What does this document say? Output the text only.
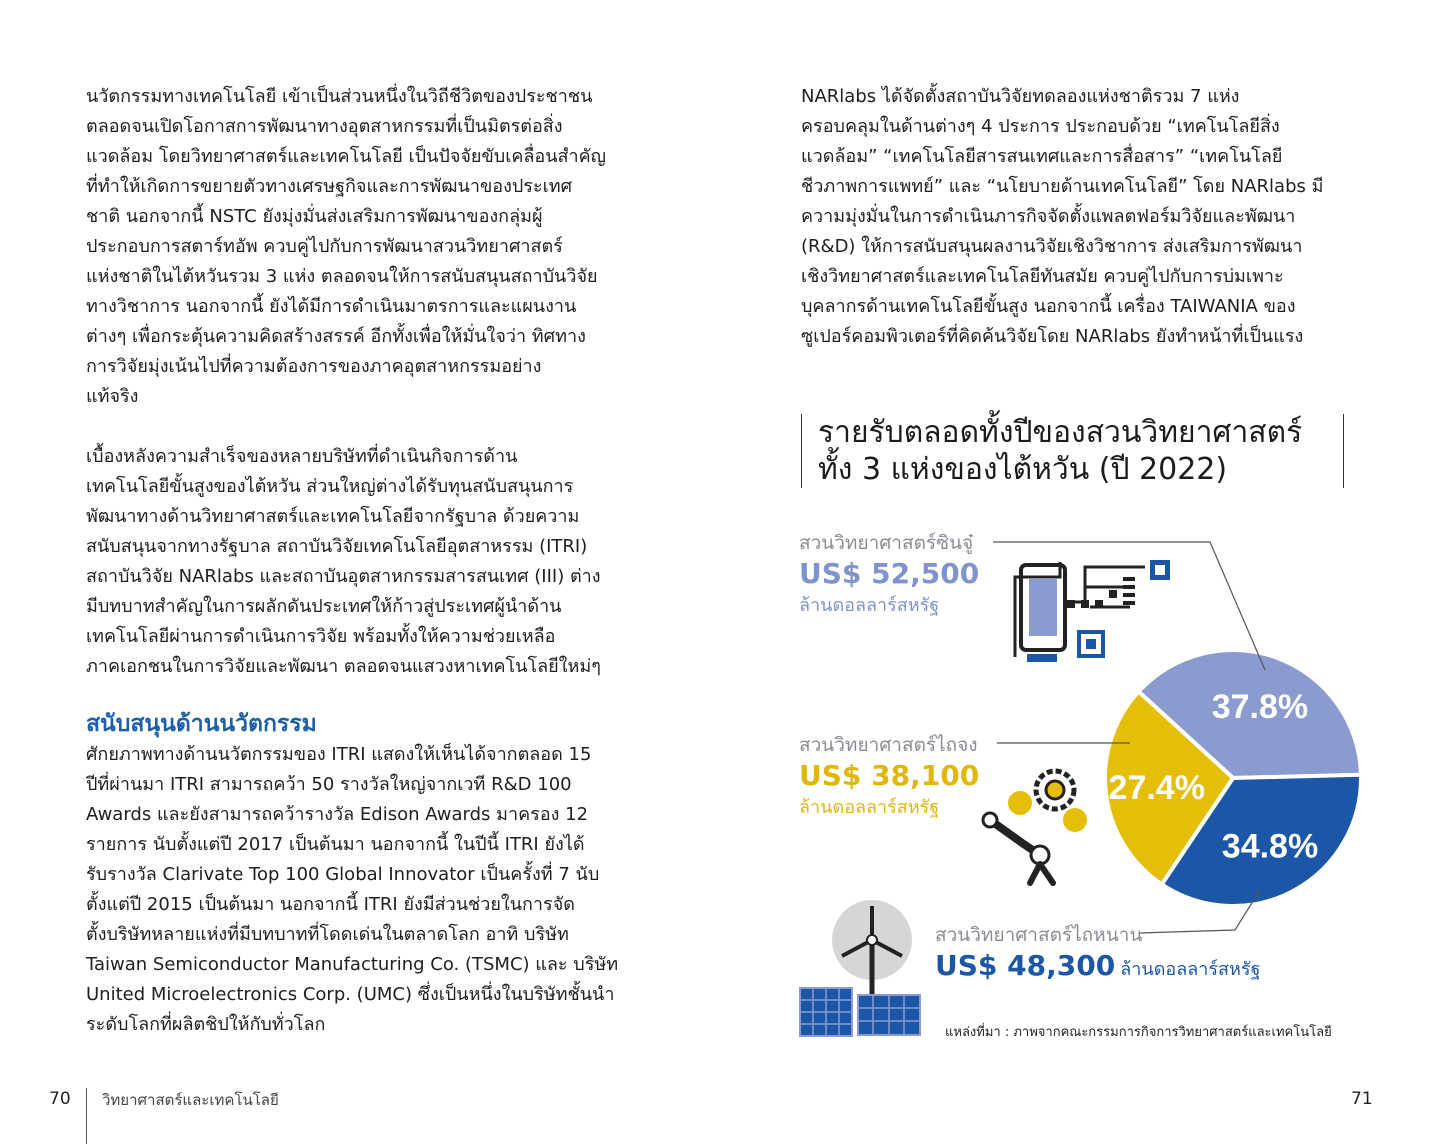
นวัตกรรมทางเทคโนโลยี เข้าเป็นส่วนหนึ่งในวิถีชีวิตของประชาชน
ตลอดจนเปิดโอกาสการพัฒนาทางอุตสาหกรรมที่เป็นมิตรต่อสิ่ง
แวดล้อม โดยวิทยาศาสตร์และเทคโนโลยี เป็นปัจจัยขับเคลื่อนสำคัญ
ที่ทำให้เกิดการขยายตัวทางเศรษฐกิจและการพัฒนาของประเทศ
ชาติ นอกจากนี้ NSTC ยังมุ่งมั่นส่งเสริมการพัฒนาของกลุ่มผู้
ประกอบการสตาร์ทอัพ ควบคู่ไปกับการพัฒนาสวนวิทยาศาสตร์
แห่งชาติในไต้หวันรวม 3 แห่ง ตลอดจนให้การสนับสนุนสถาบันวิจัย
ทางวิชาการ นอกจากนี้ ยังได้มีการดำเนินมาตรการและแผนงาน
ต่างๆ เพื่อกระตุ้นความคิดสร้างสรรค์ อีกทั้งเพื่อให้มั่นใจว่า ทิศทาง
การวิจัยมุ่งเน้นไปที่ความต้องการของภาคอุตสาหกรรมอย่าง
แท้จริง
เบื้องหลังความสำเร็จของหลายบริษัทที่ดำเนินกิจการด้าน
เทคโนโลยีขั้นสูงของไต้หวัน ส่วนใหญ่ต่างได้รับทุนสนับสนุนการ
พัฒนาทางด้านวิทยาศาสตร์และเทคโนโลยีจากรัฐบาล ด้วยความ
สนับสนุนจากทางรัฐบาล สถาบันวิจัยเทคโนโลยีอุตสาหรรม (ITRI)
สถาบันวิจัย NARlabs และสถาบันอุตสาหกรรมสารสนเทศ (III) ต่าง
มีบทบาทสำคัญในการผลักดันประเทศให้ก้าวสู่ประเทศผู้นำด้าน
เทคโนโลยีผ่านการดำเนินการวิจัย พร้อมทั้งให้ความช่วยเหลือ
ภาคเอกชนในการวิจัยและพัฒนา ตลอดจนแสวงหาเทคโนโลยีใหม่ๆ
สนับสนุนด้านนวัตกรรม
ศักยภาพทางด้านนวัตกรรมของ ITRI แสดงให้เห็นได้จากตลอด 15
ปีที่ผ่านมา ITRI สามารถคว้า 50 รางวัลใหญ่จากเวที R&D 100
Awards และยังสามารถคว้ารางวัล Edison Awards มาครอง 12
รายการ นับตั้งแต่ปี 2017 เป็นต้นมา นอกจากนี้ ในปีนี้ ITRI ยังได้
รับรางวัล Clarivate Top 100 Global Innovator เป็นครั้งที่ 7 นับ
ตั้งแต่ปี 2015 เป็นต้นมา นอกจากนี้ ITRI ยังมีส่วนช่วยในการจัด
ตั้งบริษัทหลายแห่งที่มีบทบาทที่โดดเด่นในตลาดโลก อาทิ บริษัท
Taiwan Semiconductor Manufacturing Co. (TSMC) และ บริษัท
United Microelectronics Corp. (UMC) ซึ่งเป็นหนึ่งในบริษัทชั้นนำ
ระดับโลกที่ผลิตชิปให้กับทั่วโลก
70 วิทยาศาสตร์และเทคโนโลยี
NARlabs ได้จัดตั้งสถาบันวิจัยทดลองแห่งชาติรวม 7 แห่ง
ครอบคลุมในด้านต่างๆ 4 ประการ ประกอบด้วย “เทคโนโลยีสิ่ง
แวดล้อม” “เทคโนโลยีสารสนเทศและการสื่อสาร” “เทคโนโลยี
ชีวภาพการแพทย์” และ “นโยบายด้านเทคโนโลยี” โดย NARlabs มี
ความมุ่งมั่นในการดำเนินภารกิจจัดตั้งแพลตฟอร์มวิจัยและพัฒนา
(R&D) ให้การสนับสนุนผลงานวิจัยเชิงวิชาการ ส่งเสริมการพัฒนา
เชิงวิทยาศาสตร์และเทคโนโลยีทันสมัย ควบคู่ไปกับการบ่มเพาะ
บุคลากรด้านเทคโนโลยีขั้นสูง นอกจากนี้ เครื่อง TAIWANIA ของ
ซูเปอร์คอมพิวเตอร์ที่คิดค้นวิจัยโดย NARlabs ยังทำหน้าที่เป็นแรง
รายรับตลอดทั้งปีของสวนวิทยาศาสตร์
ทั้ง 3 แห่งของไต้หวัน (ปี 2022)
37.8%
27.4%
34.8%
สวนวิทยาศาสตร์ซินจู๋
US$ 52,500
ล้านดอลลาร์สหรัฐ
สวนวิทยาศาสตร์ไถจง
US$ 38,100
ล้านดอลลาร์สหรัฐ
สวนวิทยาศาสตร์ไถหนาน
US$ 48,300 ล้านดอลลาร์สหรัฐ
แหล่งที่มา : ภาพจากคณะกรรมการกิจการวิทยาศาสตร์และเทคโนโลยี
71
